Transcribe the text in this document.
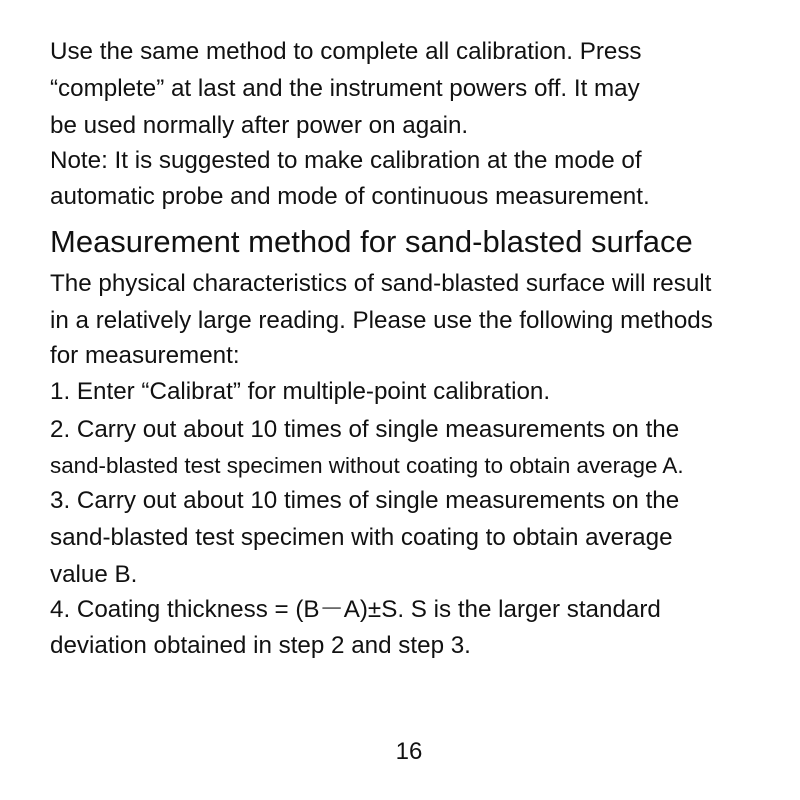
Use the same method to complete all calibration. Press
“complete” at last and the instrument powers off. It may
be used normally after power on again.
Note: It is suggested to make calibration at the mode of
automatic probe and mode of continuous measurement.
Measurement method for sand-blasted surface
The physical characteristics of sand-blasted surface will result
in a relatively large reading. Please use the following methods
for measurement:
1. Enter “Calibrat” for multiple-point calibration.
2. Carry out about 10 times of single measurements on the
sand-blasted test specimen without coating to obtain average A.
3. Carry out about 10 times of single measurements on the
sand-blasted test specimen with coating to obtain average
value B.
4. Coating thickness = (B－A)±S. S is the larger standard
deviation obtained in step 2 and step 3.
16
